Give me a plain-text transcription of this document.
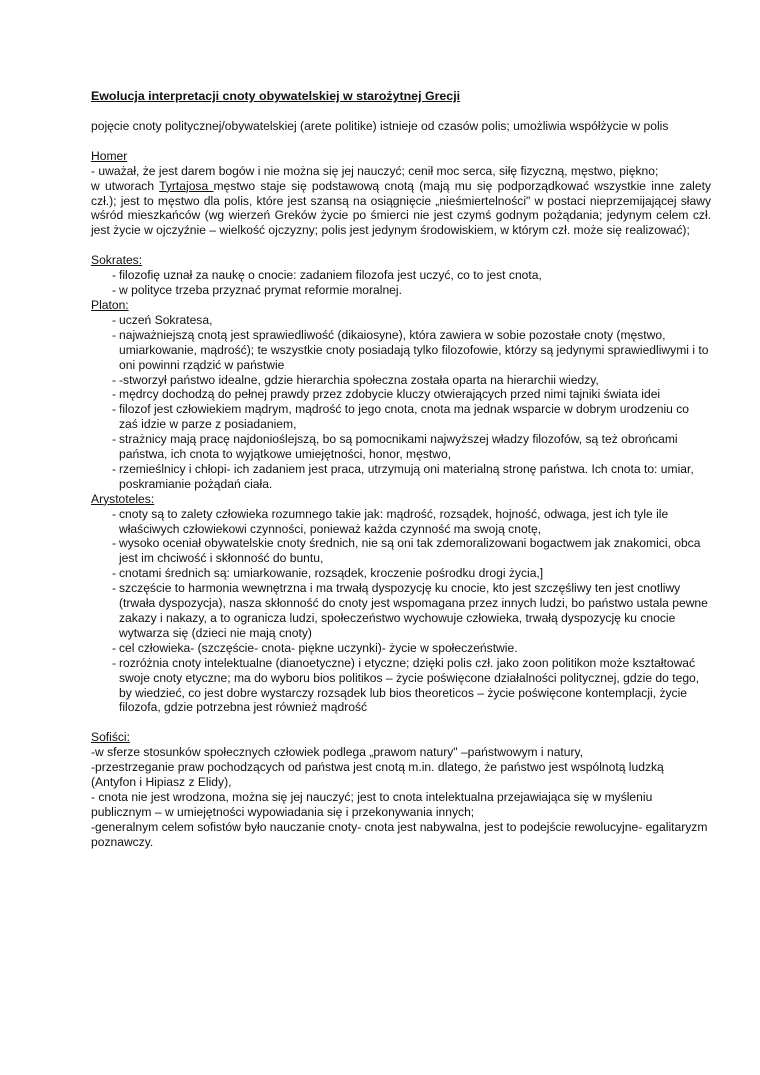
Ewolucja interpretacji cnoty obywatelskiej w starożytnej Grecji
pojęcie cnoty politycznej/obywatelskiej (arete politike) istnieje od czasów polis; umożliwia współżycie w polis
Homer

- uważał, że jest darem bogów i nie można się jej nauczyć; cenił moc serca, siłę fizyczną, męstwo, piękno;

w utworach Tyrtajosa męstwo staje się podstawową cnotą (mają mu się podporządkować wszystkie inne zalety czł.); jest to męstwo dla polis, które jest szansą na osiągnięcie „nieśmiertelności" w postaci nieprzemijającej sławy wśród mieszkańców (wg wierzeń Greków życie po śmierci nie jest czymś godnym pożądania; jedynym celem czł. jest życie w ojczyźnie – wielkość ojczyzny; polis jest jedynym środowiskiem, w którym czł. może się realizować);

Sokrates:
- filozofię uznał za naukę o cnocie: zadaniem filozofa jest uczyć, co to jest cnota,
- w polityce trzeba przyznać prymat reformie moralnej.
Platon:
- uczeń Sokratesa,
- najważniejszą cnotą jest sprawiedliwość (dikaiosyne), która zawiera w sobie pozostałe cnoty (męstwo, umiarkowanie, mądrość); te wszystkie cnoty posiadają tylko filozofowie, którzy są jedynymi sprawiedliwymi i to oni powinni rządzić w państwie
- -stworzył państwo idealne, gdzie hierarchia społeczna została oparta na hierarchii wiedzy,
- mędrcy dochodzą do pełnej prawdy przez zdobycie kluczy otwierających przed nimi tajniki świata idei
- filozof jest człowiekiem mądrym, mądrość to jego cnota, cnota ma jednak wsparcie w dobrym urodzeniu co zaś idzie w parze z posiadaniem,
- strażnicy mają pracę najdonioślejszą, bo są pomocnikami najwyższej władzy filozofów, są też obrońcami państwa, ich cnota to wyjątkowe umiejętności, honor, męstwo,
- rzemieślnicy i chłopi- ich zadaniem jest praca, utrzymują oni materialną stronę państwa. Ich cnota to: umiar, poskramianie pożądań ciała.
Arystoteles:
- cnoty są to zalety człowieka rozumnego takie jak: mądrość, rozsądek, hojność, odwaga, jest ich tyle ile właściwych człowiekowi czynności, ponieważ każda czynność ma swoją cnotę,
- wysoko oceniał obywatelskie cnoty średnich, nie są oni tak zdemoralizowani bogactwem jak znakomici, obca jest im chciwość i skłonność do buntu,
- cnotami średnich są: umiarkowanie, rozsądek, kroczenie pośrodku drogi życia,]
- szczęście to harmonia wewnętrzna i ma trwałą dyspozycję ku cnocie, kto jest szczęśliwy ten jest cnotliwy (trwała dyspozycja), nasza skłonność do cnoty jest wspomagana przez innych ludzi, bo państwo ustala pewne zakazy i nakazy, a to ogranicza ludzi, społeczeństwo wychowuje człowieka, trwałą dyspozycję ku cnocie wytwarza się (dzieci nie mają cnoty)
- cel człowieka- (szczęście- cnota- piękne uczynki)- życie w społeczeństwie.
- rozróżnia cnoty intelektualne (dianoetyczne) i etyczne; dzięki polis czł. jako zoon politikon może kształtować swoje cnoty etyczne; ma do wyboru bios politikos – życie poświęcone działalności politycznej, gdzie do tego, by wiedzieć, co jest dobre wystarczy rozsądek lub bios theoreticos – życie poświęcone kontemplacji, życie filozofa, gdzie potrzebna jest również mądrość
Sofiści:

-w sferze stosunków społecznych człowiek podlega „prawom natury" –państwowym i natury,

-przestrzeganie praw pochodzących od państwa jest cnotą m.in. dlatego, że państwo jest wspólnotą ludzką (Antyfon i Hipiasz z Elidy),

- cnota nie jest wrodzona, można się jej nauczyć; jest to cnota intelektualna przejawiająca się w myśleniu publicznym – w umiejętności wypowiadania się i przekonywania innych;

-generalnym celem sofistów było nauczanie cnoty- cnota jest nabywalna, jest to podejście rewolucyjne- egalitaryzm poznawczy.
